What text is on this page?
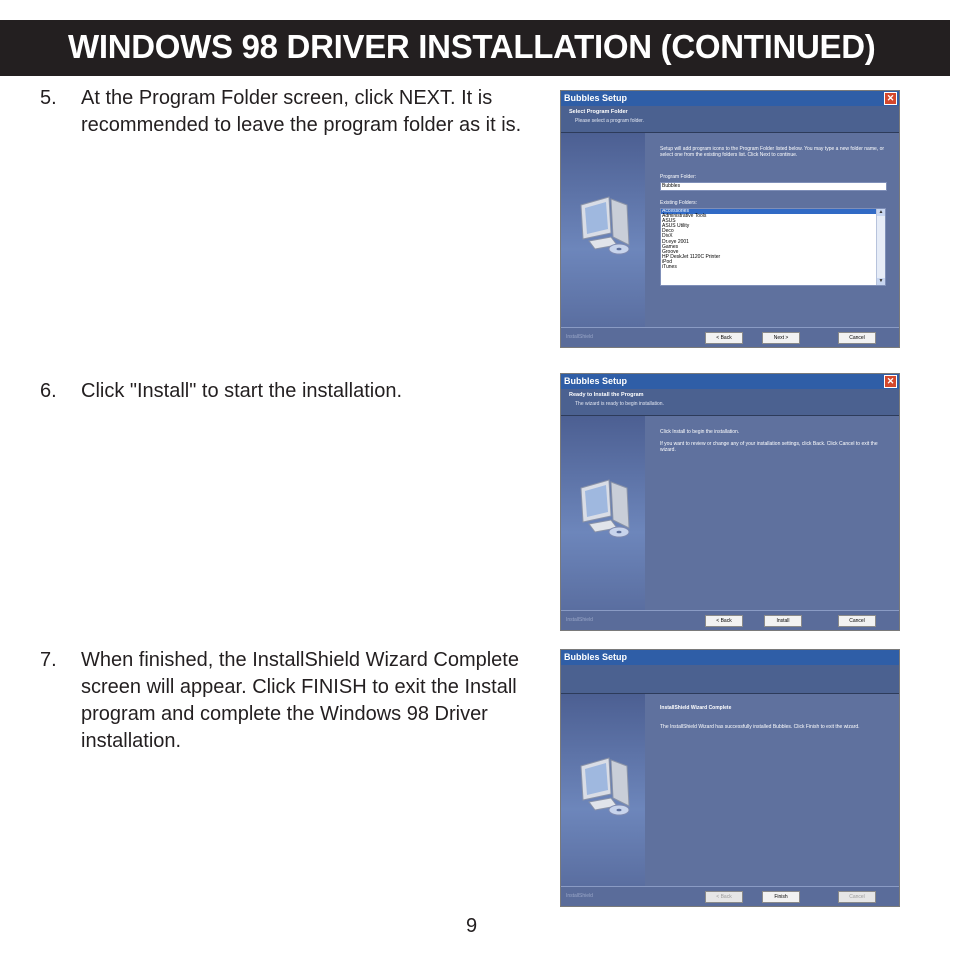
WINDOWS 98 DRIVER INSTALLATION (CONTINUED)
5. At the Program Folder screen, click NEXT. It is recommended to leave the program folder as it is.
6. Click "Install" to start the installation.
7. When finished, the InstallShield Wizard Complete screen will appear. Click FINISH to exit the Install program and complete the Windows 98 Driver installation.
Bubbles Setup	✕
Select Program Folder
Please select a program folder.
Setup will add program icons to the Program Folder listed below. You may type a new folder name, or select one from the existing folders list. Click Next to continue.
Program Folder:
Bubbles
Existing Folders:
Accessories
Administrative Tools
ASUS
ASUS Utility
Deco
DivX
Dr.eye 2001
Games
Groove
HP DeskJet 1120C Printer
iPod
iTunes
▲
▼
InstallShield	< Back	Next >	Cancel
Bubbles Setup	✕
Ready to Install the Program
The wizard is ready to begin installation.
Click Install to begin the installation.
If you want to review or change any of your installation settings, click Back. Click Cancel to exit the wizard.
InstallShield	< Back	Install	Cancel
Bubbles Setup
InstallShield Wizard Complete
The InstallShield Wizard has successfully installed Bubbles. Click Finish to exit the wizard.
InstallShield	< Back	Finish	Cancel
9
